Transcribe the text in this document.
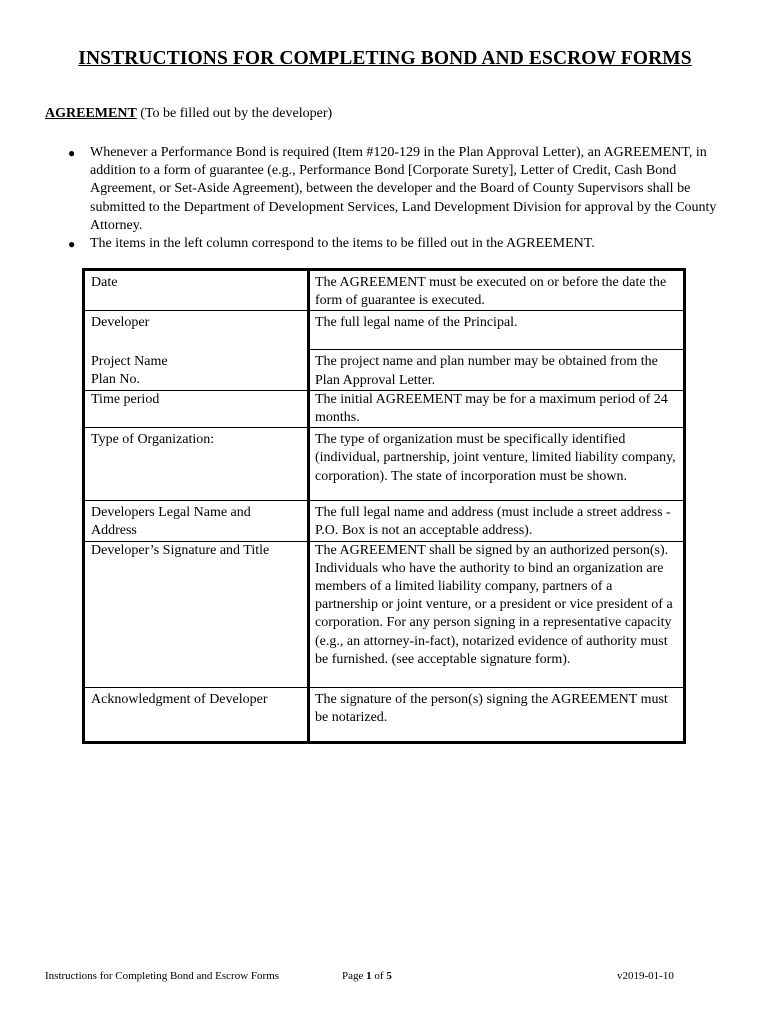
INSTRUCTIONS FOR COMPLETING BOND AND ESCROW FORMS
AGREEMENT (To be filled out by the developer)
● Whenever a Performance Bond is required (Item #120-129 in the Plan Approval Letter), an AGREEMENT, in addition to a form of guarantee (e.g., Performance Bond [Corporate Surety], Letter of Credit, Cash Bond Agreement, or Set-Aside Agreement), between the developer and the Board of County Supervisors shall be submitted to the Department of Development Services, Land Development Division for approval by the County Attorney.
● The items in the left column correspond to the items to be filled out in the AGREEMENT.
Date	The AGREEMENT must be executed on or before the date the form of guarantee is executed.

Developer	The full legal name of the Principal.

Project Name
Plan No.	The project name and plan number may be obtained from the Plan Approval Letter.

Time period	The initial AGREEMENT may be for a maximum period of 24 months.

Type of Organization:	The type of organization must be specifically identified (individual, partnership, joint venture, limited liability company, corporation). The state of incorporation must be shown.

Developers Legal Name and
Address	The full legal name and address (must include a street address - P.O. Box is not an acceptable address).

Developer’s Signature and Title	The AGREEMENT shall be signed by an authorized person(s). Individuals who have the authority to bind an organization are members of a limited liability company, partners of a partnership or joint venture, or a president or vice president of a corporation. For any person signing in a representative capacity (e.g., an attorney-in-fact), notarized evidence of authority must be furnished. (see acceptable signature form).

Acknowledgment of Developer	The signature of the person(s) signing the AGREEMENT must be notarized.
Instructions for Completing Bond and Escrow Forms	Page 1 of 5	v2019-01-10
